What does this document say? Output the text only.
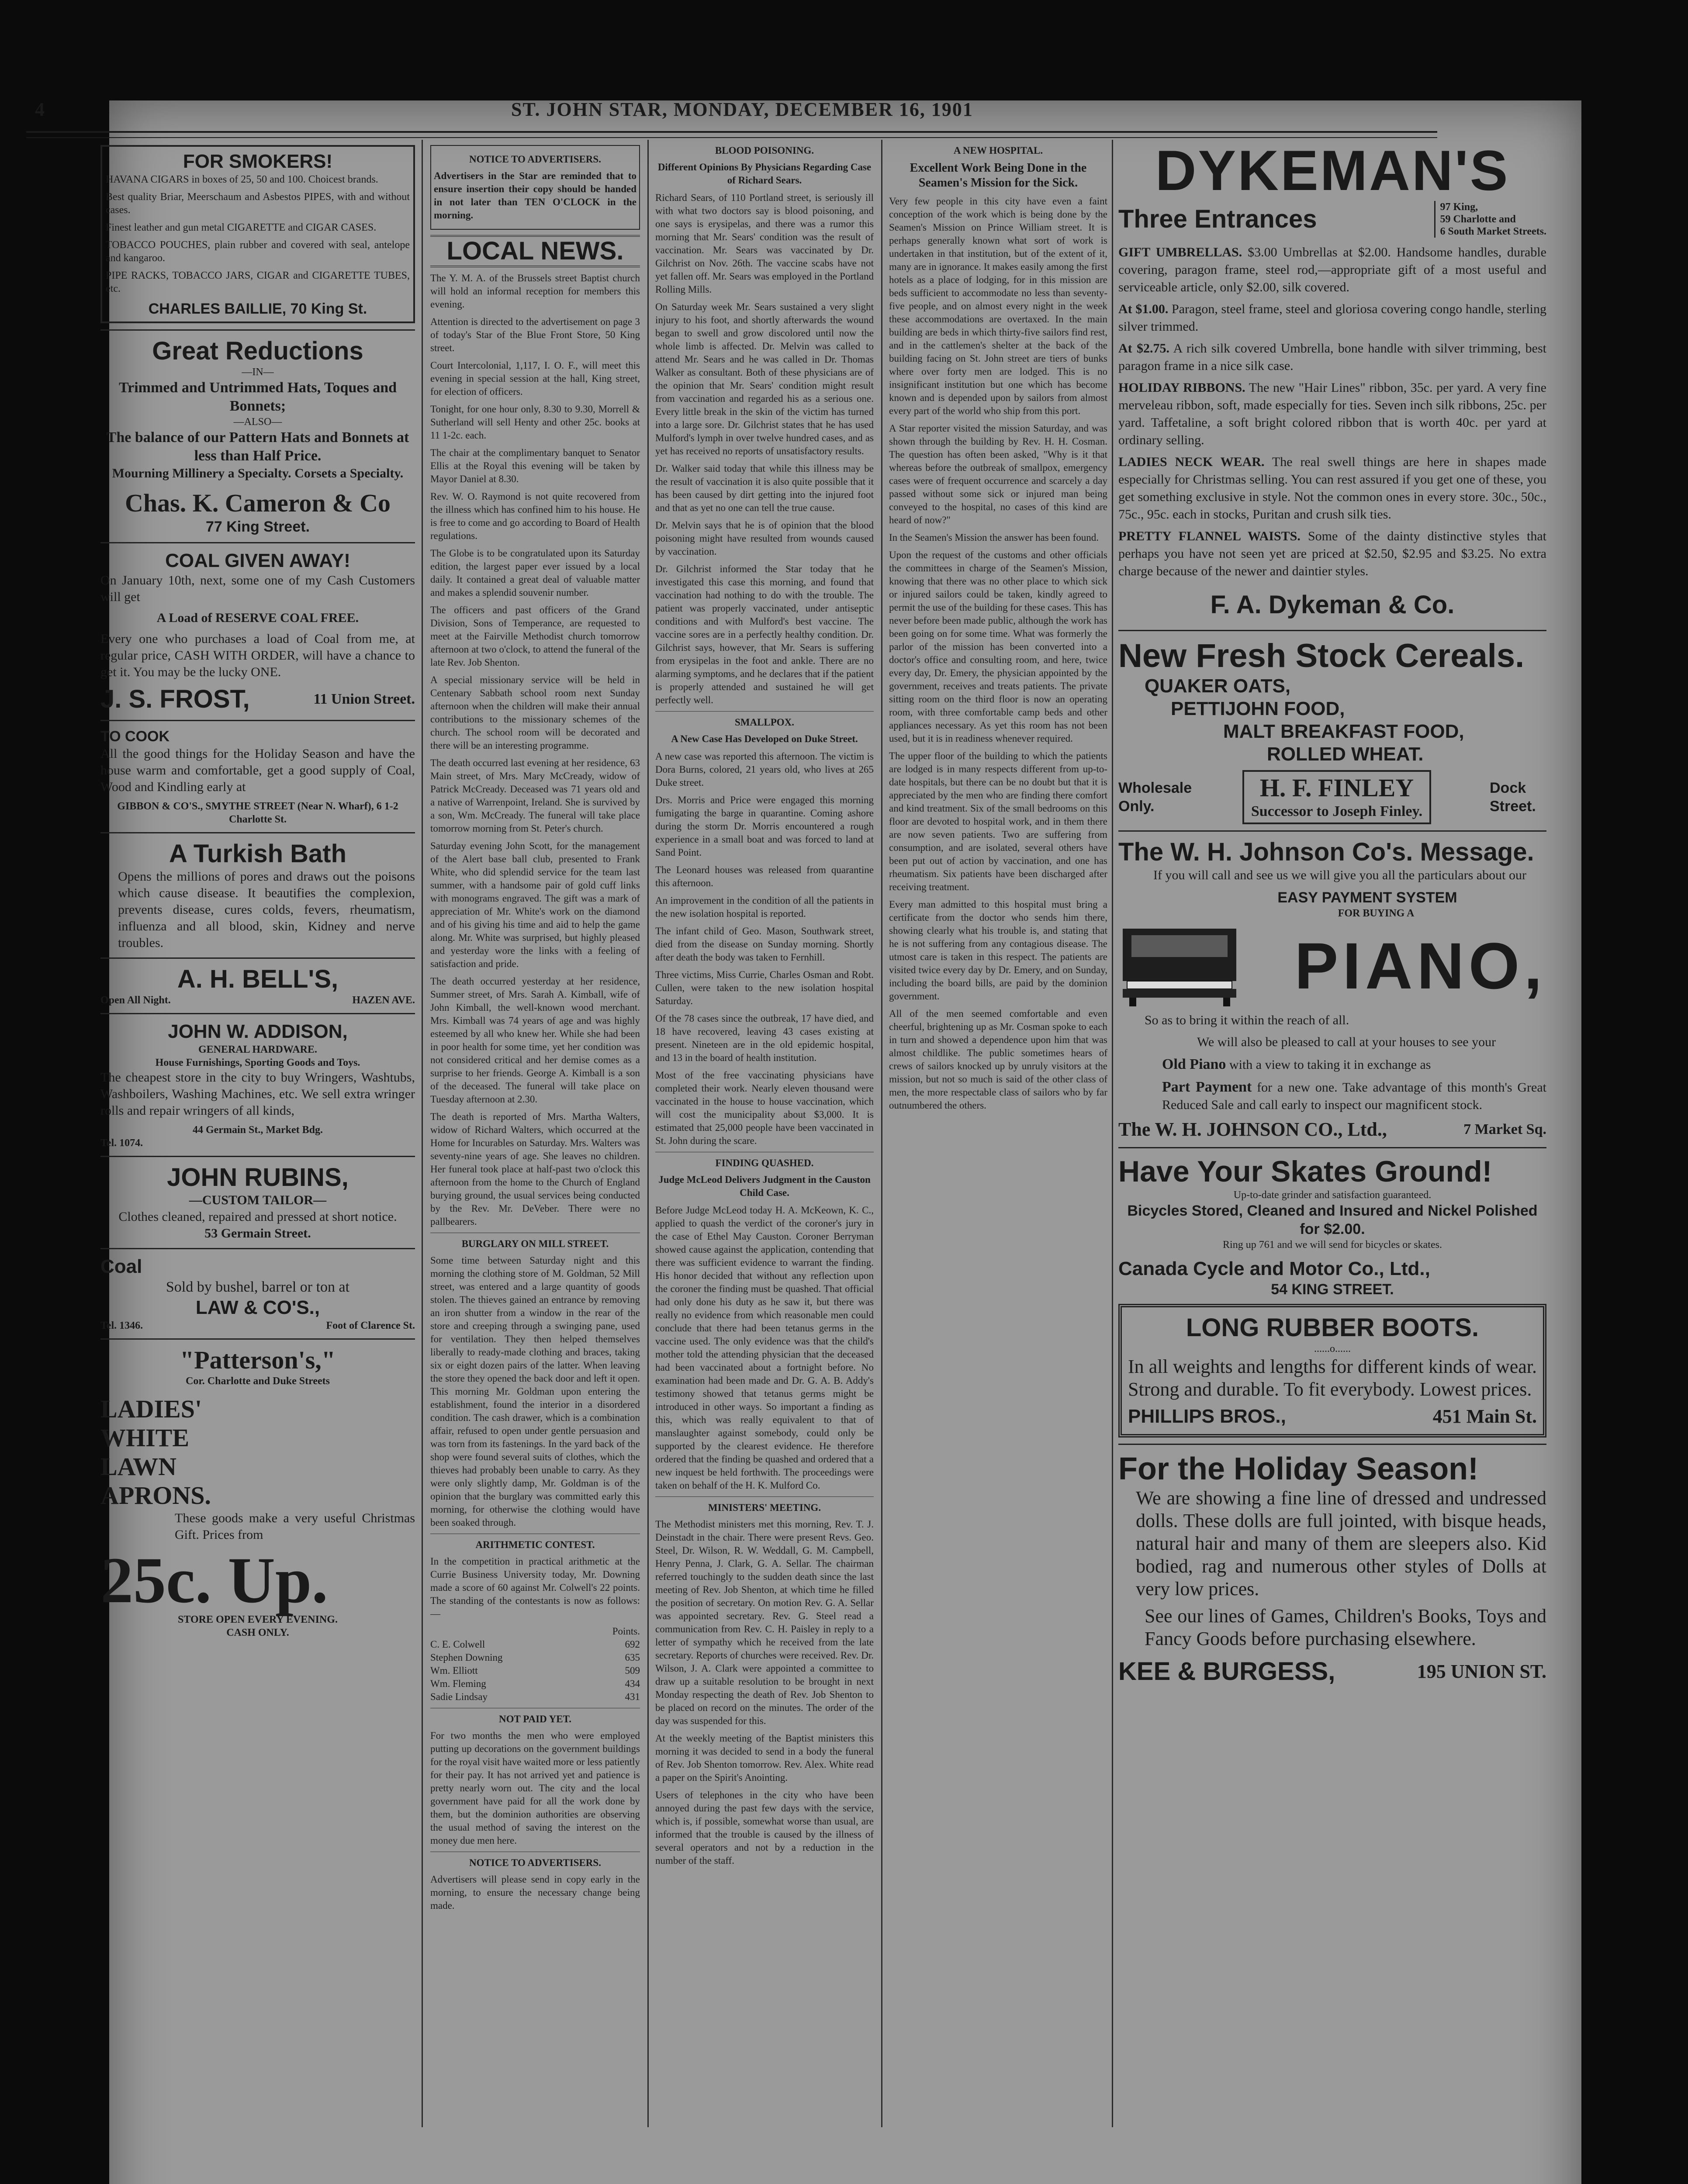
4	ST. JOHN STAR, MONDAY, DECEMBER 16, 1901
FOR SMOKERS!

HAVANA CIGARS in boxes of 25, 50 and 100. Choicest brands.

Best quality Briar, Meerschaum and Asbestos PIPES, with and without cases.

Finest leather and gun metal CIGARETTE and CIGAR CASES.

TOBACCO POUCHES, plain rubber and covered with seal, antelope and kangaroo.

PIPE RACKS, TOBACCO JARS, CIGAR and CIGARETTE TUBES, etc.

CHARLES BAILLIE, 70 King St.
Great Reductions
—IN—
Trimmed and Untrimmed Hats, Toques and Bonnets;
—ALSO—
The balance of our Pattern Hats and Bonnets at less than Half Price.
Mourning Millinery a Specialty. Corsets a Specialty.
Chas. K. Cameron & Co
77 King Street.
COAL GIVEN AWAY!

On January 10th, next, some one of my Cash Customers will get

A Load of RESERVE COAL FREE.

Every one who purchases a load of Coal from me, at regular price, CASH WITH ORDER, will have a chance to get it. You may be the lucky ONE.

J. S. FROST,	11 Union Street.
TO COOK

All the good things for the Holiday Season and have the house warm and comfortable, get a good supply of Coal, Wood and Kindling early at

GIBBON & CO'S., SMYTHE STREET (Near N. Wharf), 6 1-2 Charlotte St.

A Turkish Bath

Opens the millions of pores and draws out the poisons which cause disease. It beautifies the complexion, prevents disease, cures colds, fevers, rheumatism, influenza and all blood, skin, Kidney and nerve troubles.

A. H. BELL'S,
Open All Night.	HAZEN AVE.
JOHN W. ADDISON,
GENERAL HARDWARE.
House Furnishings, Sporting Goods and Toys.

The cheapest store in the city to buy Wringers, Washtubs, Washboilers, Washing Machines, etc. We sell extra wringer rolls and repair wringers of all kinds,

44 Germain St., Market Bdg.
Tel. 1074.
JOHN RUBINS,
—CUSTOM TAILOR—
Clothes cleaned, repaired and pressed at short notice.
53 Germain Street.
Coal
Sold by bushel, barrel or ton at
LAW & CO'S.,
Tel. 1346.	Foot of Clarence St.
"Patterson's,"
Cor. Charlotte and Duke Streets
LADIES' WHITE LAWN APRONS.

These goods make a very useful Christmas Gift. Prices from

25c. Up.
STORE OPEN EVERY EVENING.
CASH ONLY.
NOTICE TO ADVERTISERS.

Advertisers in the Star are reminded that to ensure insertion their copy should be handed in not later than TEN O'CLOCK in the morning.

LOCAL NEWS.

The Y. M. A. of the Brussels street Baptist church will hold an informal reception for members this evening.

Attention is directed to the advertisement on page 3 of today's Star of the Blue Front Store, 50 King street.

Court Intercolonial, 1,117, I. O. F., will meet this evening in special session at the hall, King street, for election of officers.

Tonight, for one hour only, 8.30 to 9.30, Morrell & Sutherland will sell Henty and other 25c. books at 11 1-2c. each.

The chair at the complimentary banquet to Senator Ellis at the Royal this evening will be taken by Mayor Daniel at 8.30.

Rev. W. O. Raymond is not quite recovered from the illness which has confined him to his house. He is free to come and go according to Board of Health regulations.

The Globe is to be congratulated upon its Saturday edition, the largest paper ever issued by a local daily. It contained a great deal of valuable matter and makes a splendid souvenir number.

The officers and past officers of the Grand Division, Sons of Temperance, are requested to meet at the Fairville Methodist church tomorrow afternoon at two o'clock, to attend the funeral of the late Rev. Job Shenton.

A special missionary service will be held in Centenary Sabbath school room next Sunday afternoon when the children will make their annual contributions to the missionary schemes of the church. The school room will be decorated and there will be an interesting programme.

The death occurred last evening at her residence, 63 Main street, of Mrs. Mary McCready, widow of Patrick McCready. Deceased was 71 years old and a native of Warrenpoint, Ireland. She is survived by a son, Wm. McCready. The funeral will take place tomorrow morning from St. Peter's church.

Saturday evening John Scott, for the management of the Alert base ball club, presented to Frank White, who did splendid service for the team last summer, with a handsome pair of gold cuff links with monograms engraved. The gift was a mark of appreciation of Mr. White's work on the diamond and of his giving his time and aid to help the game along. Mr. White was surprised, but highly pleased and yesterday wore the links with a feeling of satisfaction and pride.

The death occurred yesterday at her residence, Summer street, of Mrs. Sarah A. Kimball, wife of John Kimball, the well-known wood merchant. Mrs. Kimball was 74 years of age and was highly esteemed by all who knew her. While she had been in poor health for some time, yet her condition was not considered critical and her demise comes as a surprise to her friends. George A. Kimball is a son of the deceased. The funeral will take place on Tuesday afternoon at 2.30.

The death is reported of Mrs. Martha Walters, widow of Richard Walters, which occurred at the Home for Incurables on Saturday. Mrs. Walters was seventy-nine years of age. She leaves no children. Her funeral took place at half-past two o'clock this afternoon from the home to the Church of England burying ground, the usual services being conducted by the Rev. Mr. DeVeber. There were no pallbearers.

BURGLARY ON MILL STREET.

Some time between Saturday night and this morning the clothing store of M. Goldman, 52 Mill street, was entered and a large quantity of goods stolen. The thieves gained an entrance by removing an iron shutter from a window in the rear of the store and creeping through a swinging pane, used for ventilation. They then helped themselves liberally to ready-made clothing and braces, taking six or eight dozen pairs of the latter. When leaving the store they opened the back door and left it open. This morning Mr. Goldman upon entering the establishment, found the interior in a disordered condition. The cash drawer, which is a combination affair, refused to open under gentle persuasion and was torn from its fastenings. In the yard back of the shop were found several suits of clothes, which the thieves had probably been unable to carry. As they were only slightly damp, Mr. Goldman is of the opinion that the burglary was committed early this morning, for otherwise the clothing would have been soaked through.

ARITHMETIC CONTEST.

In the competition in practical arithmetic at the Currie Business University today, Mr. Downing made a score of 60 against Mr. Colwell's 22 points. The standing of the contestants is now as follows:—

Points.
C. E. Colwell	692
Stephen Downing	635
Wm. Elliott	509
Wm. Fleming	434
Sadie Lindsay	431
NOT PAID YET.

For two months the men who were employed putting up decorations on the government buildings for the royal visit have waited more or less patiently for their pay. It has not arrived yet and patience is pretty nearly worn out. The city and the local government have paid for all the work done by them, but the dominion authorities are observing the usual method of saving the interest on the money due men here.

NOTICE TO ADVERTISERS.

Advertisers will please send in copy early in the morning, to ensure the necessary change being made.

BLOOD POISONING.

Different Opinions By Physicians Regarding Case of Richard Sears.

Richard Sears, of 110 Portland street, is seriously ill with what two doctors say is blood poisoning, and one says is erysipelas, and there was a rumor this morning that Mr. Sears' condition was the result of vaccination. Mr. Sears was vaccinated by Dr. Gilchrist on Nov. 26th. The vaccine scabs have not yet fallen off. Mr. Sears was employed in the Portland Rolling Mills.

On Saturday week Mr. Sears sustained a very slight injury to his foot, and shortly afterwards the wound began to swell and grow discolored until now the whole limb is affected. Dr. Melvin was called to attend Mr. Sears and he was called in Dr. Thomas Walker as consultant. Both of these physicians are of the opinion that Mr. Sears' condition might result from vaccination and regarded his as a serious one. Every little break in the skin of the victim has turned into a large sore. Dr. Gilchrist states that he has used Mulford's lymph in over twelve hundred cases, and as yet has received no reports of unsatisfactory results.

Dr. Walker said today that while this illness may be the result of vaccination it is also quite possible that it has been caused by dirt getting into the injured foot and that as yet no one can tell the true cause.

Dr. Melvin says that he is of opinion that the blood poisoning might have resulted from wounds caused by vaccination.

Dr. Gilchrist informed the Star today that he investigated this case this morning, and found that vaccination had nothing to do with the trouble. The patient was properly vaccinated, under antiseptic conditions and with Mulford's best vaccine. The vaccine sores are in a perfectly healthy condition. Dr. Gilchrist says, however, that Mr. Sears is suffering from erysipelas in the foot and ankle. There are no alarming symptoms, and he declares that if the patient is properly attended and sustained he will get perfectly well.

SMALLPOX.

A New Case Has Developed on Duke Street.

A new case was reported this afternoon. The victim is Dora Burns, colored, 21 years old, who lives at 265 Duke street.

Drs. Morris and Price were engaged this morning fumigating the barge in quarantine. Coming ashore during the storm Dr. Morris encountered a rough experience in a small boat and was forced to land at Sand Point.

The Leonard houses was released from quarantine this afternoon.

An improvement in the condition of all the patients in the new isolation hospital is reported.

The infant child of Geo. Mason, Southwark street, died from the disease on Sunday morning. Shortly after death the body was taken to Fernhill.

Three victims, Miss Currie, Charles Osman and Robt. Cullen, were taken to the new isolation hospital Saturday.

Of the 78 cases since the outbreak, 17 have died, and 18 have recovered, leaving 43 cases existing at present. Nineteen are in the old epidemic hospital, and 13 in the board of health institution.

Most of the free vaccinating physicians have completed their work. Nearly eleven thousand were vaccinated in the house to house vaccination, which will cost the municipality about $3,000. It is estimated that 25,000 people have been vaccinated in St. John during the scare.

FINDING QUASHED.

Judge McLeod Delivers Judgment in the Causton Child Case.

Before Judge McLeod today H. A. McKeown, K. C., applied to quash the verdict of the coroner's jury in the case of Ethel May Causton. Coroner Berryman showed cause against the application, contending that there was sufficient evidence to warrant the finding. His honor decided that without any reflection upon the coroner the finding must be quashed. That official had only done his duty as he saw it, but there was really no evidence from which reasonable men could conclude that there had been tetanus germs in the vaccine used. The only evidence was that the child's mother told the attending physician that the deceased had been vaccinated about a fortnight before. No examination had been made and Dr. G. A. B. Addy's testimony showed that tetanus germs might be introduced in other ways. So important a finding as this, which was really equivalent to that of manslaughter against somebody, could only be supported by the clearest evidence. He therefore ordered that the finding be quashed and ordered that a new inquest be held forthwith. The proceedings were taken on behalf of the H. K. Mulford Co.

MINISTERS' MEETING.

The Methodist ministers met this morning, Rev. T. J. Deinstadt in the chair. There were present Revs. Geo. Steel, Dr. Wilson, R. W. Weddall, G. M. Campbell, Henry Penna, J. Clark, G. A. Sellar. The chairman referred touchingly to the sudden death since the last meeting of Rev. Job Shenton, at which time he filled the position of secretary. On motion Rev. G. A. Sellar was appointed secretary. Rev. G. Steel read a communication from Rev. C. H. Paisley in reply to a letter of sympathy which he received from the late secretary. Reports of churches were received. Rev. Dr. Wilson, J. A. Clark were appointed a committee to draw up a suitable resolution to be brought in next Monday respecting the death of Rev. Job Shenton to be placed on record on the minutes. The order of the day was suspended for this.

At the weekly meeting of the Baptist ministers this morning it was decided to send in a body the funeral of Rev. Job Shenton tomorrow. Rev. Alex. White read a paper on the Spirit's Anointing.

Users of telephones in the city who have been annoyed during the past few days with the service, which is, if possible, somewhat worse than usual, are informed that the trouble is caused by the illness of several operators and not by a reduction in the number of the staff.

A NEW HOSPITAL.

Excellent Work Being Done in the Seamen's Mission for the Sick.

Very few people in this city have even a faint conception of the work which is being done by the Seamen's Mission on Prince William street. It is perhaps generally known what sort of work is undertaken in that institution, but of the extent of it, many are in ignorance. It makes easily among the first hotels as a place of lodging, for in this mission are beds sufficient to accommodate no less than seventy-five people, and on almost every night in the week these accommodations are overtaxed. In the main building are beds in which thirty-five sailors find rest, and in the cattlemen's shelter at the back of the building facing on St. John street are tiers of bunks where over forty men are lodged. This is no insignificant institution but one which has become known and is depended upon by sailors from almost every part of the world who ship from this port.

A Star reporter visited the mission Saturday, and was shown through the building by Rev. H. H. Cosman. The question has often been asked, "Why is it that whereas before the outbreak of smallpox, emergency cases were of frequent occurrence and scarcely a day passed without some sick or injured man being conveyed to the hospital, no cases of this kind are heard of now?"

In the Seamen's Mission the answer has been found.

Upon the request of the customs and other officials the committees in charge of the Seamen's Mission, knowing that there was no other place to which sick or injured sailors could be taken, kindly agreed to permit the use of the building for these cases. This has never before been made public, although the work has been going on for some time. What was formerly the parlor of the mission has been converted into a doctor's office and consulting room, and here, twice every day, Dr. Emery, the physician appointed by the government, receives and treats patients. The private sitting room on the third floor is now an operating room, with three comfortable camp beds and other appliances necessary. As yet this room has not been used, but it is in readiness whenever required.

The upper floor of the building to which the patients are lodged is in many respects different from up-to-date hospitals, but there can be no doubt but that it is appreciated by the men who are finding there comfort and kind treatment. Six of the small bedrooms on this floor are devoted to hospital work, and in them there are now seven patients. Two are suffering from consumption, and are isolated, several others have been put out of action by vaccination, and one has rheumatism. Six patients have been discharged after receiving treatment.

Every man admitted to this hospital must bring a certificate from the doctor who sends him there, showing clearly what his trouble is, and stating that he is not suffering from any contagious disease. The utmost care is taken in this respect. The patients are visited twice every day by Dr. Emery, and on Sunday, including the board bills, are paid by the dominion government.

All of the men seemed comfortable and even cheerful, brightening up as Mr. Cosman spoke to each in turn and showed a dependence upon him that was almost childlike. The public sometimes hears of crews of sailors knocked up by unruly visitors at the mission, but not so much is said of the other class of men, the more respectable class of sailors who by far outnumbered the others.

DYKEMAN'S
Three Entrances	97 King,
59 Charlotte and
6 South Market Streets.

GIFT UMBRELLAS. $3.00 Umbrellas at $2.00. Handsome handles, durable covering, paragon frame, steel rod,—appropriate gift of a most useful and serviceable article, only $2.00, silk covered.

At $1.00. Paragon, steel frame, steel and gloriosa covering congo handle, sterling silver trimmed.

At $2.75. A rich silk covered Umbrella, bone handle with silver trimming, best paragon frame in a nice silk case.

HOLIDAY RIBBONS. The new "Hair Lines" ribbon, 35c. per yard. A very fine merveleau ribbon, soft, made especially for ties. Seven inch silk ribbons, 25c. per yard. Taffetaline, a soft bright colored ribbon that is worth 40c. per yard at ordinary selling.

LADIES NECK WEAR. The real swell things are here in shapes made especially for Christmas selling. You can rest assured if you get one of these, you get something exclusive in style. Not the common ones in every store. 30c., 50c., 75c., 95c. each in stocks, Puritan and crush silk ties.

PRETTY FLANNEL WAISTS. Some of the dainty distinctive styles that perhaps you have not seen yet are priced at $2.50, $2.95 and $3.25. No extra charge because of the newer and daintier styles.

F. A. Dykeman & Co.
New Fresh Stock Cereals.
QUAKER OATS,
PETTIJOHN FOOD,
MALT BREAKFAST FOOD,
ROLLED WHEAT.
Wholesale Only.
H. F. FINLEY
Successor to Joseph Finley.
Dock Street.
The W. H. Johnson Co's. Message.

If you will call and see us we will give you all the particulars about our

EASY PAYMENT SYSTEM
FOR BUYING A
PIANO,

So as to bring it within the reach of all.

We will also be pleased to call at your houses to see your

Old Piano with a view to taking it in exchange as

Part Payment for a new one. Take advantage of this month's Great Reduced Sale and call early to inspect our magnificent stock.

The W. H. JOHNSON CO., Ltd.,	7 Market Sq.
Have Your Skates Ground!
Up-to-date grinder and satisfaction guaranteed.
Bicycles Stored, Cleaned and Insured and Nickel Polished for $2.00.
Ring up 761 and we will send for bicycles or skates.
Canada Cycle and Motor Co., Ltd.,
54 KING STREET.
LONG RUBBER BOOTS.
......o......

In all weights and lengths for different kinds of wear. Strong and durable. To fit everybody. Lowest prices.

PHILLIPS BROS.,	451 Main St.
For the Holiday Season!

We are showing a fine line of dressed and undressed dolls. These dolls are full jointed, with bisque heads, natural hair and many of them are sleepers also. Kid bodied, rag and numerous other styles of Dolls at very low prices.

See our lines of Games, Children's Books, Toys and Fancy Goods before purchasing elsewhere.

KEE & BURGESS,	195 UNION ST.
